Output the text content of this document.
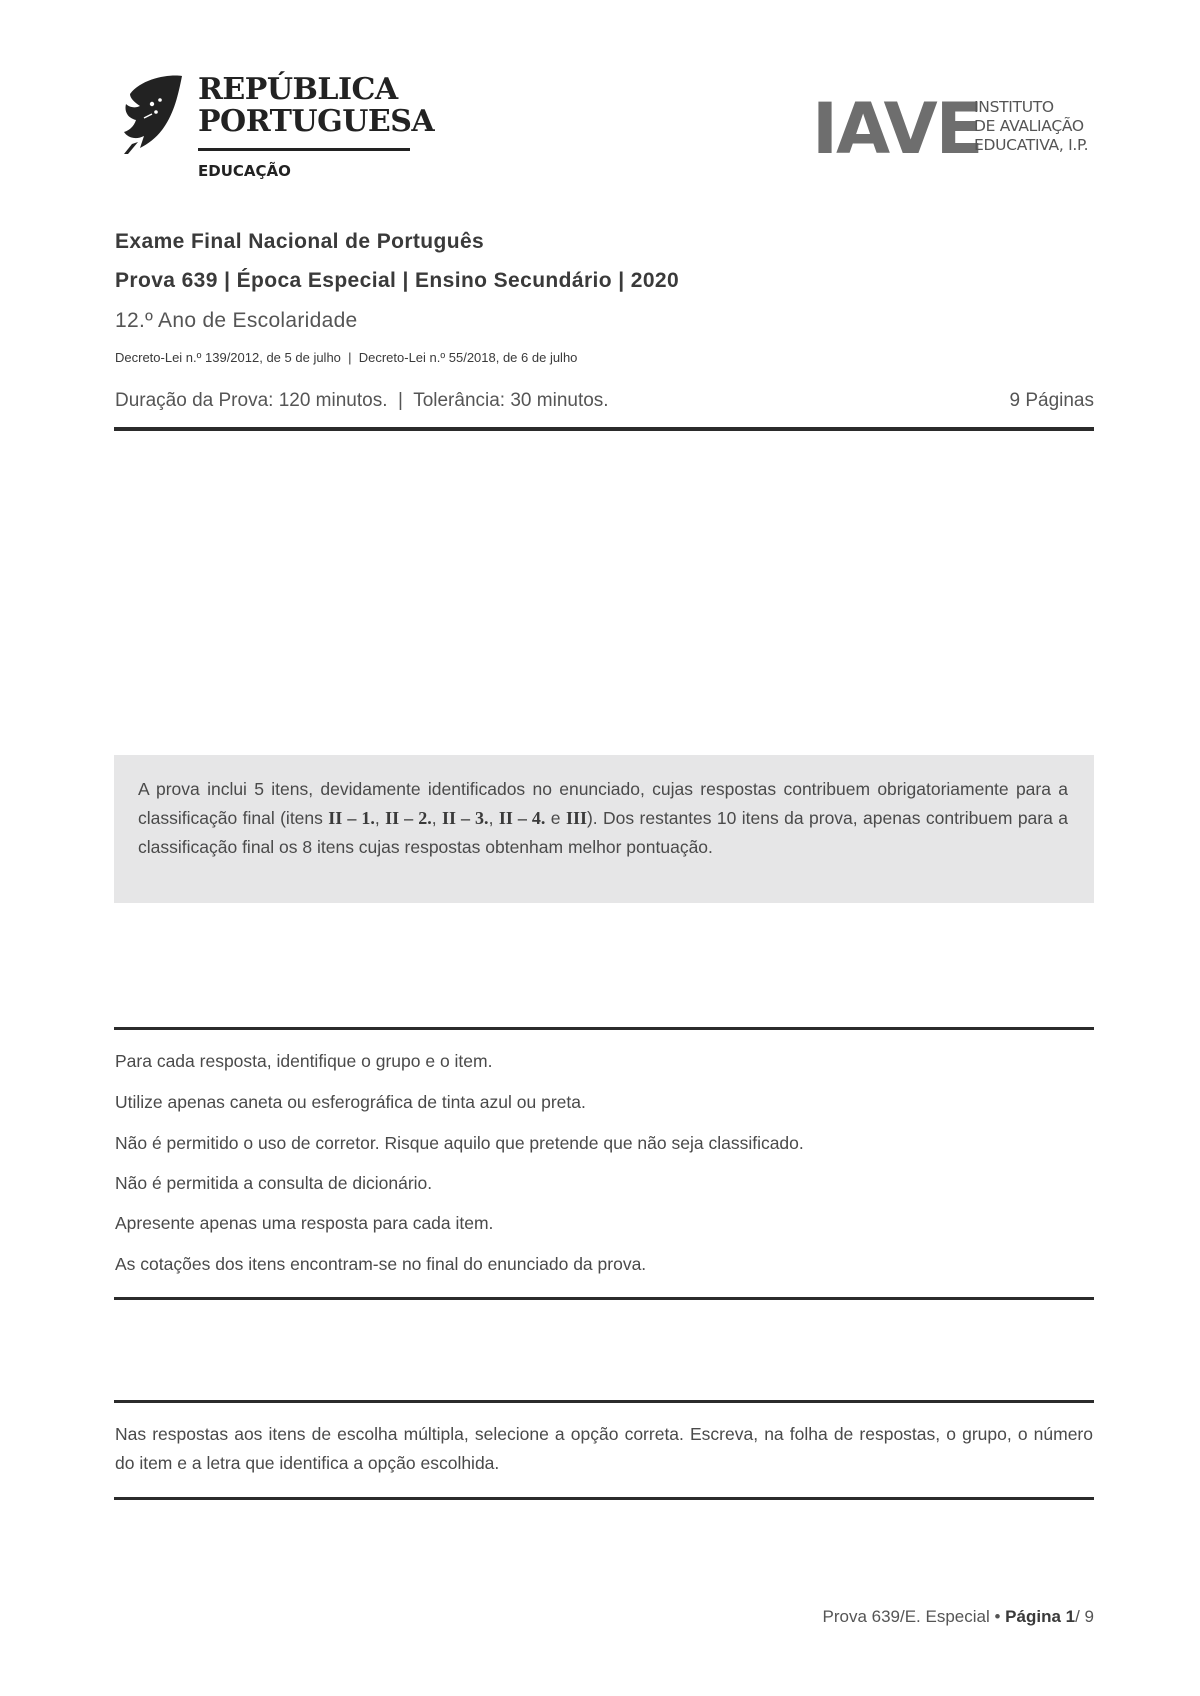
REPÚBLICA
PORTUGUESA
EDUCAÇÃO
IAVE
INSTITUTO
DE AVALIAÇÃO
EDUCATIVA, I.P.
Exame Final Nacional de Português
Prova 639 | Época Especial | Ensino Secundário | 2020
12.º Ano de Escolaridade
Decreto-Lei n.º 139/2012, de 5 de julho  |  Decreto-Lei n.º 55/2018, de 6 de julho
Duração da Prova: 120 minutos.  |  Tolerância: 30 minutos.	9 Páginas

A prova inclui 5 itens, devidamente identificados no enunciado, cujas respostas contribuem obrigatoriamente para a classificação final (itens II – 1., II – 2., II – 3., II – 4. e III). Dos restantes 10 itens da prova, apenas contribuem para a classificação final os 8 itens cujas respostas obtenham melhor pontuação.

Para cada resposta, identifique o grupo e o item.
Utilize apenas caneta ou esferográfica de tinta azul ou preta.
Não é permitido o uso de corretor. Risque aquilo que pretende que não seja classificado.
Não é permitida a consulta de dicionário.
Apresente apenas uma resposta para cada item.
As cotações dos itens encontram-se no final do enunciado da prova.

Nas respostas aos itens de escolha múltipla, selecione a opção correta. Escreva, na folha de respostas, o grupo, o número do item e a letra que identifica a opção escolhida.

Prova 639/E. Especial • Página 1/ 9
